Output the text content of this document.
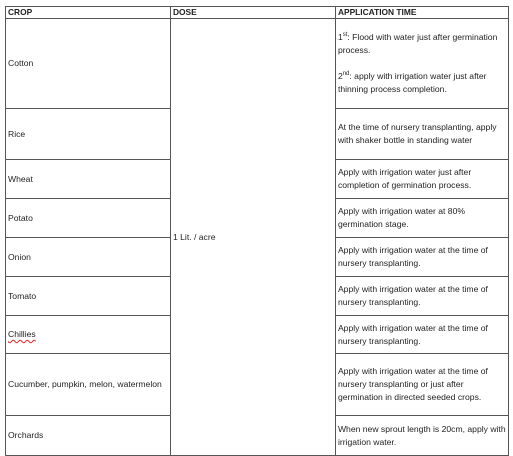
CROP	DOSE	APPLICATION TIME
Cotton	1 Lit. / acre	1st: Flood with water just after germination process.
2nd: apply with irrigation water just after thinning process completion.

Rice		At the time of nursery transplanting, apply with shaker bottle in standing water
Wheat		Apply with irrigation water just after completion of germination process.
Potato		Apply with irrigation water at 80% germination stage.
Onion		Apply with irrigation water at the time of nursery transplanting.
Tomato		Apply with irrigation water at the time of nursery transplanting.
Chillies		Apply with irrigation water at the time of nursery transplanting.
Cucumber, pumpkin, melon, watermelon		Apply with irrigation water at the time of nursery transplanting or just after germination in directed seeded crops.
Orchards		When new sprout length is 20cm, apply with irrigation water.
